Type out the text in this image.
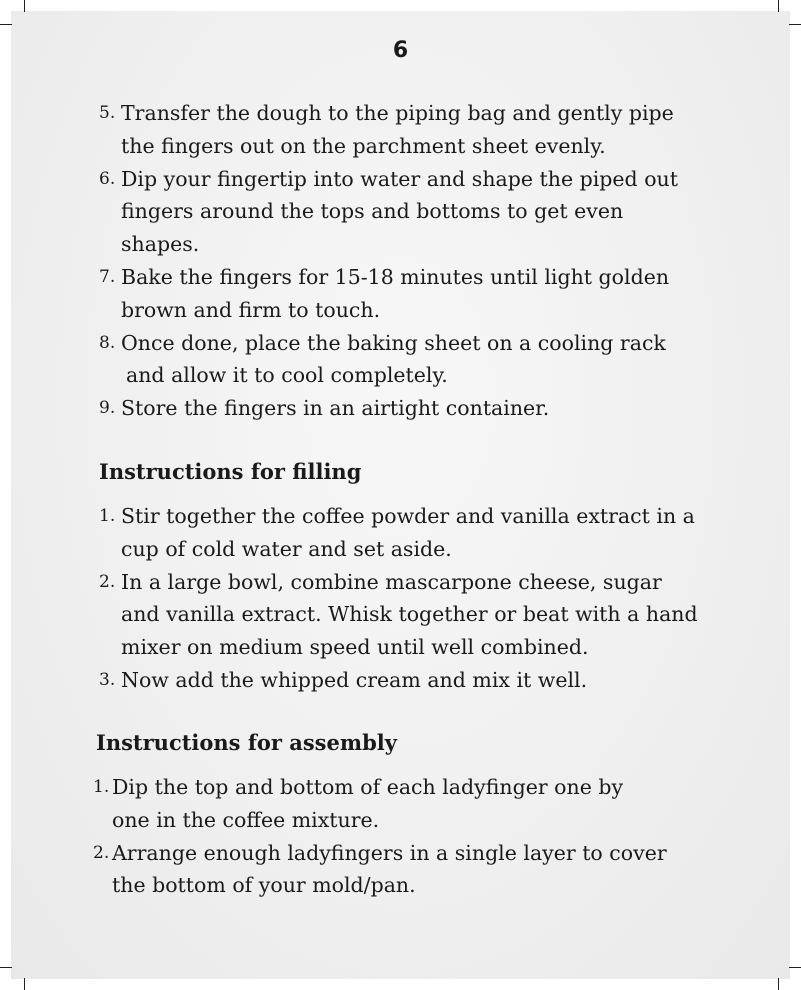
6
5. Transfer the dough to the piping bag and gently pipe
the fingers out on the parchment sheet evenly.
6. Dip your fingertip into water and shape the piped out
fingers around the tops and bottoms to get even
shapes.
7. Bake the fingers for 15-18 minutes until light golden
brown and firm to touch.
8. Once done, place the baking sheet on a cooling rack
and allow it to cool completely.
9. Store the fingers in an airtight container.
Instructions for filling
1. Stir together the coffee powder and vanilla extract in a
cup of cold water and set aside.
2. In a large bowl, combine mascarpone cheese, sugar
and vanilla extract. Whisk together or beat with a hand
mixer on medium speed until well combined.
3. Now add the whipped cream and mix it well.
Instructions for assembly
1. Dip the top and bottom of each ladyfinger one by
one in the coffee mixture.
2. Arrange enough ladyfingers in a single layer to cover
the bottom of your mold/pan.
